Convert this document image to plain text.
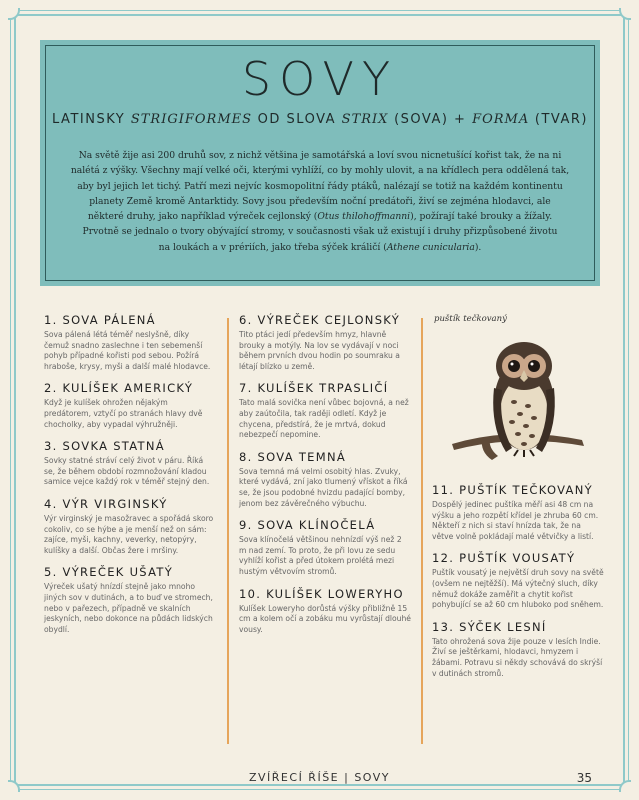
SOVY
LATINSKY STRIGIFORMES OD SLOVA STRIX (SOVA) + FORMA (TVAR)
Na světě žije asi 200 druhů sov, z nichž většina je samotářská a loví svou nicnetušící kořist tak, že na ni
nalétá z výšky. Všechny mají velké oči, kterými vyhlíží, co by mohly ulovit, a na křídlech pera oddělená tak,
aby byl jejich let tichý. Patří mezi nejvíc kosmopolitní řády ptáků, nalézají se totiž na každém kontinentu
planety Země kromě Antarktidy. Sovy jsou především noční predátoři, živí se zejména hlodavci, ale
některé druhy, jako například výreček cejlonský (Otus thilohoffmanni), požírají také brouky a žížaly.
Prvotně se jednalo o tvory obývající stromy, v současnosti však už existují i druhy přizpůsobené životu
na loukách a v prériích, jako třeba sýček králičí (Athene cunicularia).
1. SOVA PÁLENÁ
Sova pálená létá téměř neslyšně, díky čemuž snadno zaslechne i ten sebemenší pohyb případné kořisti pod sebou. Požírá hraboše, krysy, myši a další malé hlodavce.
2. KULÍŠEK AMERICKÝ
Když je kulíšek ohrožen nějakým predátorem, vztyčí po stranách hlavy dvě chocholky, aby vypadal výhružněji.
3. SOVKA STATNÁ
Sovky statné stráví celý život v páru. Říká se, že během období rozmnožování kladou samice vejce každý rok v téměř stejný den.
4. VÝR VIRGINSKÝ
Výr virginský je masožravec a spořádá skoro cokoliv, co se hýbe a je menší než on sám: zajíce, myši, kachny, veverky, netopýry, kulíšky a další. Občas žere i mršiny.
5. VÝREČEK UŠATÝ
Výreček ušatý hnízdí stejně jako mnoho jiných sov v dutinách, a to buď ve stromech, nebo v pařezech, případně ve skalních jeskyních, nebo dokonce na půdách lidských obydlí.
6. VÝREČEK CEJLONSKÝ
Tito ptáci jedí především hmyz, hlavně brouky a motýly. Na lov se vydávají v noci během prvních dvou hodin po soumraku a létají blízko u země.
7. KULÍŠEK TRPASLIČÍ
Tato malá sovička není vůbec bojovná, a než aby zaútočila, tak raději odletí. Když je chycena, předstírá, že je mrtvá, dokud nebezpečí nepomine.
8. SOVA TEMNÁ
Sova temná má velmi osobitý hlas. Zvuky, které vydává, zní jako tlumený vřískot a říká se, že jsou podobné hvizdu padající bomby, jenom bez závěrečného výbuchu.
9. SOVA KLÍNOČELÁ
Sova klínočelá většinou nehnízdí výš než 2 m nad zemí. To proto, že při lovu ze sedu vyhlíží kořist a před útokem prolétá mezi hustým větvovím stromů.
10. KULÍŠEK LOWERYHO
Kulíšek Loweryho dorůstá výšky přibližně 15 cm a kolem očí a zobáku mu vyrůstají dlouhé vousy.
puštík tečkovaný
11. PUŠTÍK TEČKOVANÝ
Dospělý jedinec puštíka měří asi 48 cm na výšku a jeho rozpětí křídel je zhruba 60 cm. Někteří z nich si staví hnízda tak, že na větve volně pokládají malé větvičky a listí.
12. PUŠTÍK VOUSATÝ
Puštík vousatý je největší druh sovy na světě (ovšem ne nejtěžší). Má výtečný sluch, díky němuž dokáže zaměřit a chytit kořist pohybující se až 60 cm hluboko pod sněhem.
13. SÝČEK LESNÍ
Tato ohrožená sova žije pouze v lesích Indie. Živí se ještěrkami, hlodavci, hmyzem i žábami. Potravu si někdy schovává do skrýší v dutinách stromů.
ZVÍŘECÍ ŘÍŠE | SOVY	35
